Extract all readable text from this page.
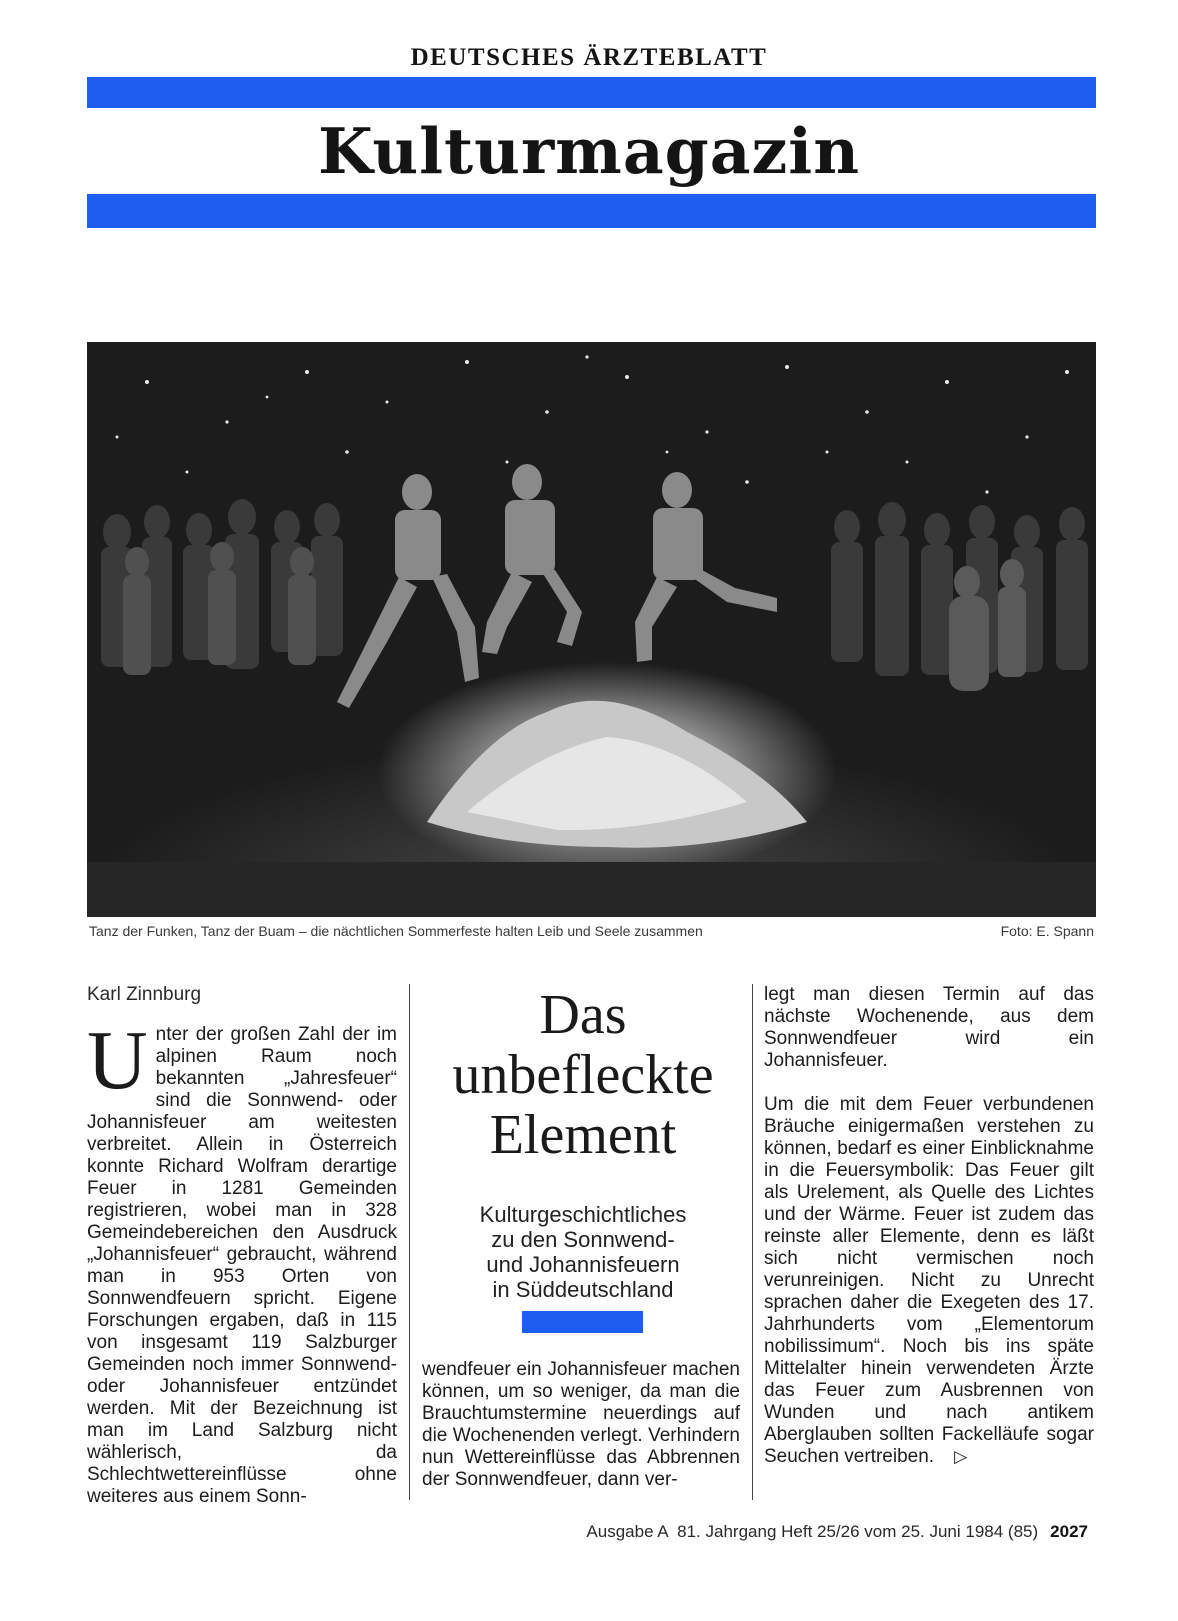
DEUTSCHES ÄRZTEBLATT
Kulturmagazin
Tanz der Funken, Tanz der Buam – die nächtlichen Sommerfeste halten Leib und Seele zusammen	Foto: E. Spann
Karl Zinnburg

Unter der großen Zahl der im alpinen Raum noch bekannten „Jahresfeuer“ sind die Sonnwend- oder Johannisfeuer am weitesten verbreitet. Allein in Österreich konnte Richard Wolfram derartige Feuer in 1281 Gemeinden registrieren, wobei man in 328 Gemeindebereichen den Ausdruck „Johannisfeuer“ gebraucht, während man in 953 Orten von Sonnwendfeuern spricht. Eigene Forschungen ergaben, daß in 115 von insgesamt 119 Salzburger Gemeinden noch immer Sonnwend- oder Johannisfeuer entzündet werden. Mit der Bezeichnung ist man im Land Salzburg nicht wählerisch, da Schlechtwettereinflüsse ohne weiteres aus einem Sonn-

Das
unbefleckte
Element
Kulturgeschichtliches
zu den Sonnwend-
und Johannisfeuern
in Süddeutschland

wendfeuer ein Johannisfeuer machen können, um so weniger, da man die Brauchtumstermine neuerdings auf die Wochenenden verlegt. Verhindern nun Wettereinflüsse das Abbrennen der Sonnwendfeuer, dann ver-

legt man diesen Termin auf das nächste Wochenende, aus dem Sonnwendfeuer wird ein Johannisfeuer.

Um die mit dem Feuer verbundenen Bräuche einigermaßen verstehen zu können, bedarf es einer Einblicknahme in die Feuersymbolik: Das Feuer gilt als Urelement, als Quelle des Lichtes und der Wärme. Feuer ist zudem das reinste aller Elemente, denn es läßt sich nicht vermischen noch verunreinigen. Nicht zu Unrecht sprachen daher die Exegeten des 17. Jahrhunderts vom „Elementorum nobilissimum“. Noch bis ins späte Mittelalter hinein verwendeten Ärzte das Feuer zum Ausbrennen von Wunden und nach antikem Aberglauben sollten Fackelläufe sogar Seuchen vertreiben. ▷

Ausgabe A  81. Jahrgang Heft 25/26 vom 25. Juni 1984 (85) 2027
